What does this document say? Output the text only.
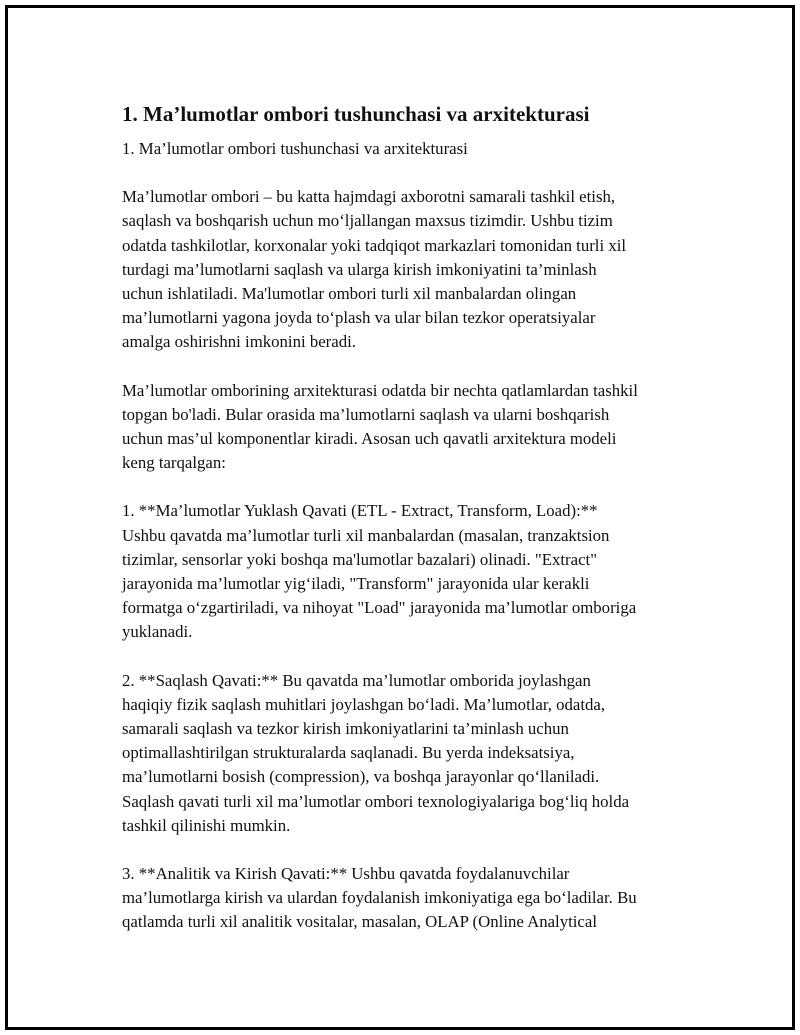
1. Ma’lumotlar ombori tushunchasi va arxitekturasi

1. Ma’lumotlar ombori tushunchasi va arxitekturasi

Ma’lumotlar ombori – bu katta hajmdagi axborotni samarali tashkil etish,
saqlash va boshqarish uchun mo‘ljallangan maxsus tizimdir. Ushbu tizim
odatda tashkilotlar, korxonalar yoki tadqiqot markazlari tomonidan turli xil
turdagi ma’lumotlarni saqlash va ularga kirish imkoniyatini ta’minlash
uchun ishlatiladi. Ma'lumotlar ombori turli xil manbalardan olingan
ma’lumotlarni yagona joyda to‘plash va ular bilan tezkor operatsiyalar
amalga oshirishni imkonini beradi.

Ma’lumotlar omborining arxitekturasi odatda bir nechta qatlamlardan tashkil
topgan bo'ladi. Bular orasida ma’lumotlarni saqlash va ularni boshqarish
uchun mas’ul komponentlar kiradi. Asosan uch qavatli arxitektura modeli
keng tarqalgan:

1. **Ma’lumotlar Yuklash Qavati (ETL - Extract, Transform, Load):**
Ushbu qavatda ma’lumotlar turli xil manbalardan (masalan, tranzaktsion
tizimlar, sensorlar yoki boshqa ma'lumotlar bazalari) olinadi. "Extract"
jarayonida ma’lumotlar yig‘iladi, "Transform" jarayonida ular kerakli
formatga o‘zgartiriladi, va nihoyat "Load" jarayonida ma’lumotlar omboriga
yuklanadi.

2. **Saqlash Qavati:** Bu qavatda ma’lumotlar omborida joylashgan
haqiqiy fizik saqlash muhitlari joylashgan bo‘ladi. Ma’lumotlar, odatda,
samarali saqlash va tezkor kirish imkoniyatlarini ta’minlash uchun
optimallashtirilgan strukturalarda saqlanadi. Bu yerda indeksatsiya,
ma’lumotlarni bosish (compression), va boshqa jarayonlar qo‘llaniladi.
Saqlash qavati turli xil ma’lumotlar ombori texnologiyalariga bog‘liq holda
tashkil qilinishi mumkin.

3. **Analitik va Kirish Qavati:** Ushbu qavatda foydalanuvchilar
ma’lumotlarga kirish va ulardan foydalanish imkoniyatiga ega bo‘ladilar. Bu
qatlamda turli xil analitik vositalar, masalan, OLAP (Online Analytical
